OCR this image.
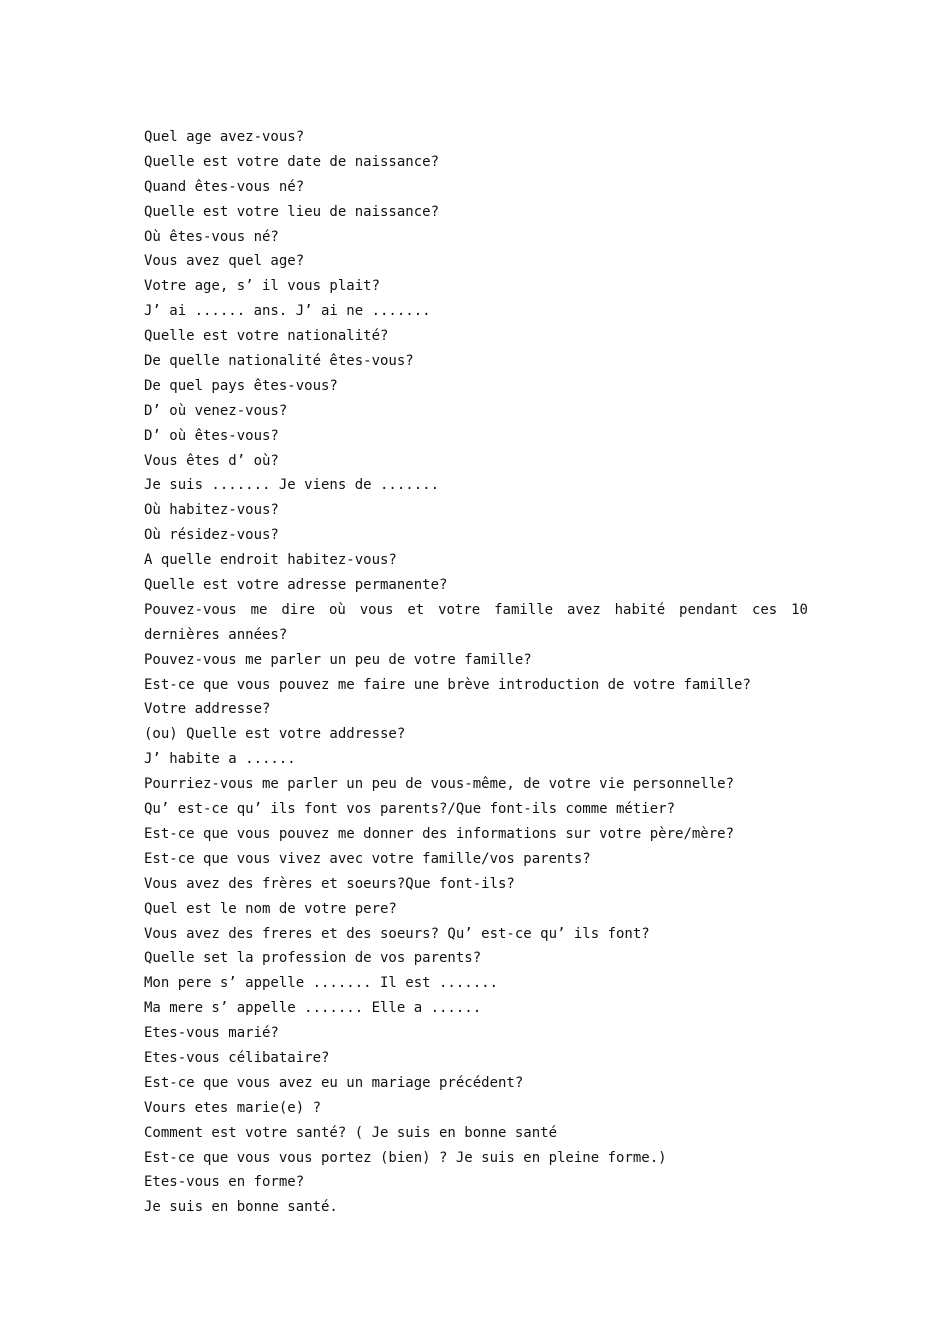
Quel age avez-vous?
Quelle est votre date de naissance?
Quand êtes-vous né?
Quelle est votre lieu de naissance?
Où êtes-vous né?
Vous avez quel age?
Votre age, s’ il vous plait?
J’ ai ...... ans. J’ ai ne .......
Quelle est votre nationalité?
De quelle nationalité êtes-vous?
De quel pays êtes-vous?
D’ où venez-vous?
D’ où êtes-vous?
Vous êtes d’ où?
Je suis ....... Je viens de .......
Où habitez-vous?
Où résidez-vous?
A quelle endroit habitez-vous?
Quelle est votre adresse permanente?
Pouvez-vous me dire où vous et votre famille avez habité pendant ces 10
dernières années?
Pouvez-vous me parler un peu de votre famille?
Est-ce que vous pouvez me faire une brève introduction de votre famille?
Votre addresse?
(ou) Quelle est votre addresse?
J’ habite a ......
Pourriez-vous me parler un peu de vous-même, de votre vie personnelle?
Qu’ est-ce qu’ ils font vos parents?/Que font-ils comme métier?
Est-ce que vous pouvez me donner des informations sur votre père/mère?
Est-ce que vous vivez avec votre famille/vos parents?
Vous avez des frères et soeurs?Que font-ils?
Quel est le nom de votre pere?
Vous avez des freres et des soeurs? Qu’ est-ce qu’ ils font?
Quelle set la profession de vos parents?
Mon pere s’ appelle ....... Il est .......
Ma mere s’ appelle ....... Elle a ......
Etes-vous marié?
Etes-vous célibataire?
Est-ce que vous avez eu un mariage précédent?
Vours etes marie(e) ?
Comment est votre santé? ( Je suis en bonne santé
Est-ce que vous vous portez (bien) ? Je suis en pleine forme.)
Etes-vous en forme?
Je suis en bonne santé.
